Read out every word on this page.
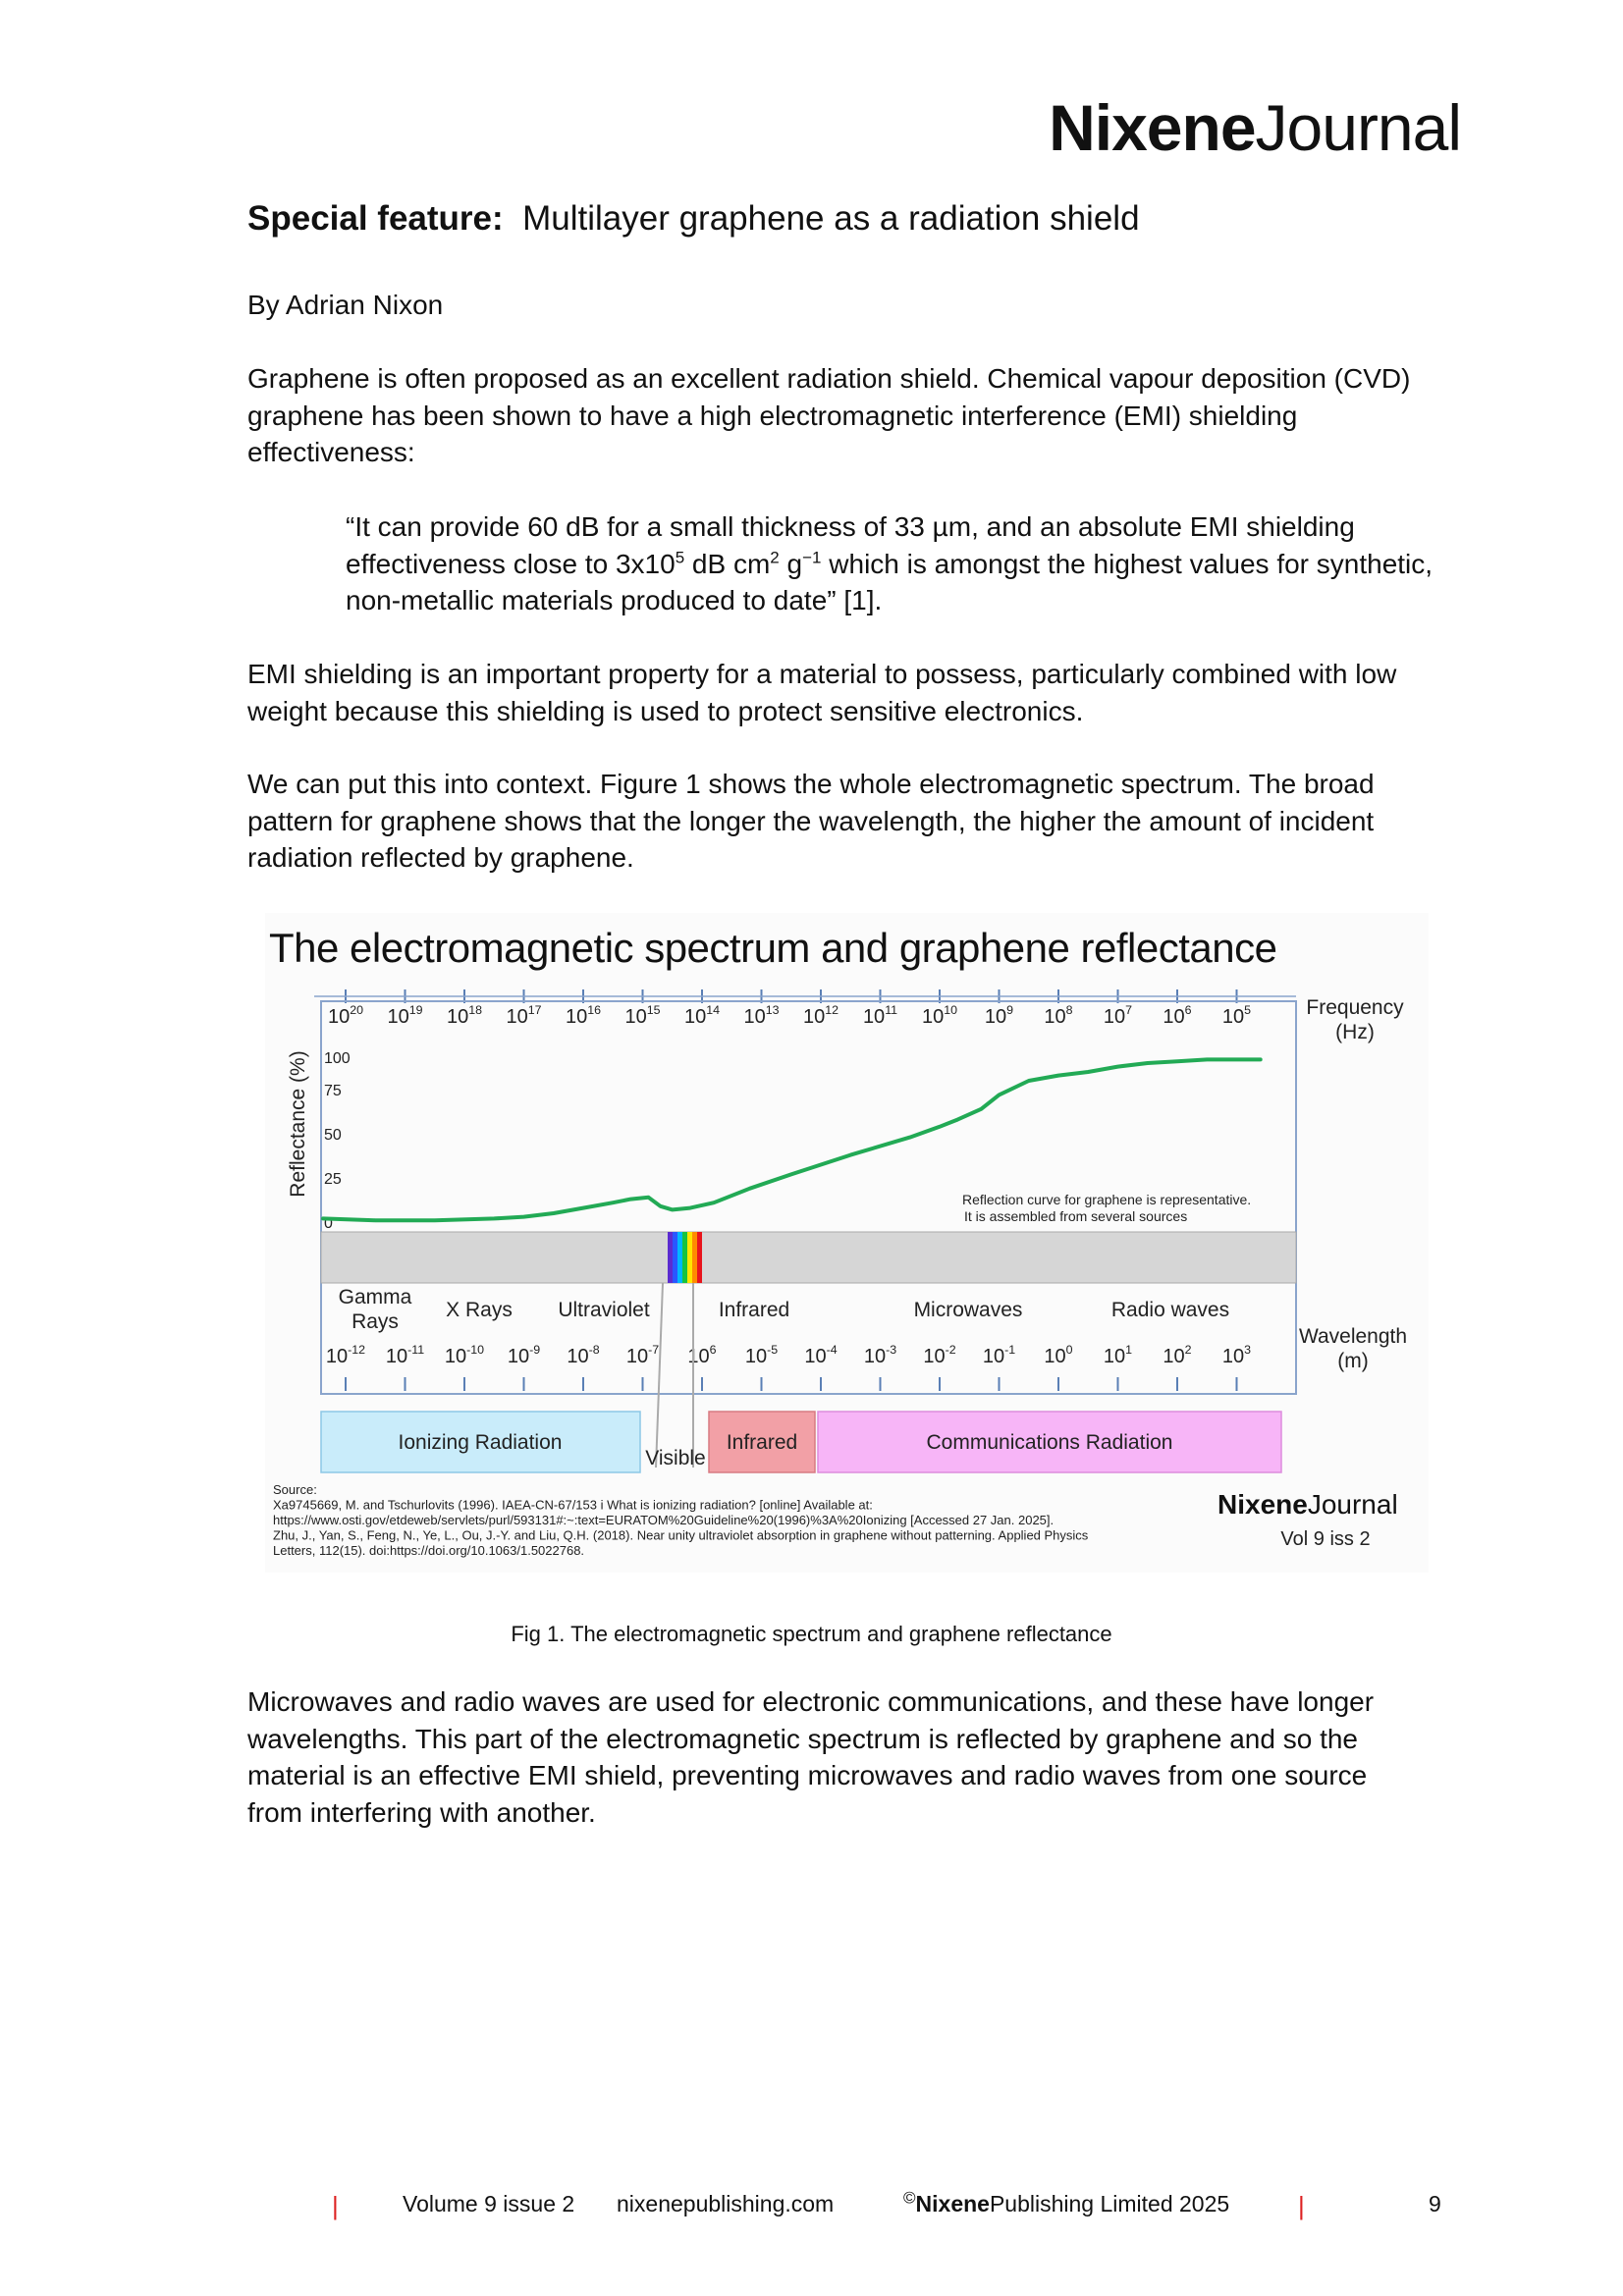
NixeneJournal
Special feature: Multilayer graphene as a radiation shield
By Adrian Nixon
Graphene is often proposed as an excellent radiation shield. Chemical vapour deposition (CVD) graphene has been shown to have a high electromagnetic interference (EMI) shielding effectiveness:
“It can provide 60 dB for a small thickness of 33 µm, and an absolute EMI shielding effectiveness close to $3x10^5$ dB $cm^2$ $g^{-1}$ which is amongst the highest values for synthetic, non-metallic materials produced to date” [1].
EMI shielding is an important property for a material to possess, particularly combined with low weight because this shielding is used to protect sensitive electronics.
We can put this into context. Figure 1 shows the whole electromagnetic spectrum. The broad pattern for graphene shows that the longer the wavelength, the higher the amount of incident radiation reflected by graphene.
The electromagnetic spectrum and graphene reflectance
$10^{20}$ $10^{19}$ $10^{18}$ $10^{17}$ $10^{16}$ $10^{15}$ $10^{14}$ $10^{13}$ $10^{12}$ $10^{11}$ $10^{10}$ $10^9$ $10^8$ $10^7$ $10^6$ $10^5$	Frequency
(Hz)
Reflectance (%) 100
75
50
25
0
Reflection curve for graphene is representative.
It is assembled from several sources
Gamma
Rays
X Rays Ultraviolet	Infrared	Microwaves	Radio waves
$10^{-12}$ $10^{-11}$ $10^{-10}$ $10^{-9}$ $10^{-8}$ $10^{-7}$ $10^6$ $10^{-5}$ $10^{-4}$ $10^{-3}$ $10^{-2}$ $10^{-1}$ $10^0$ $10^1$ $10^2$ $10^3$
Wavelength
(m)
Ionizing Radiation
Visible
Infrared	Communications Radiation
Source:
Xa9745669, M. and Tschurlovits (1996). IAEA-CN-67/153 i What is ionizing radiation? [online] Available at:
https://www.osti.gov/etdeweb/servlets/purl/593131#:~:text=EURATOM%20Guideline%20(1996)%3A%20Ionizing [Accessed 27 Jan. 2025].
Zhu, J., Yan, S., Feng, N., Ye, L., Ou, J.-Y. and Liu, Q.H. (2018). Near unity ultraviolet absorption in graphene without patterning. Applied Physics
Letters, 112(15). doi:https://doi.org/10.1063/1.5022768.
NixeneJournal
Vol 9 iss 2
Fig 1. The electromagnetic spectrum and graphene reflectance
Microwaves and radio waves are used for electronic communications, and these have longer wavelengths. This part of the electromagnetic spectrum is reflected by graphene and so the material is an effective EMI shield, preventing microwaves and radio waves from one source from interfering with another.
|	Volume 9 issue 2 nixenepublishing.com	©NixenePublishing Limited 2025	|	9
